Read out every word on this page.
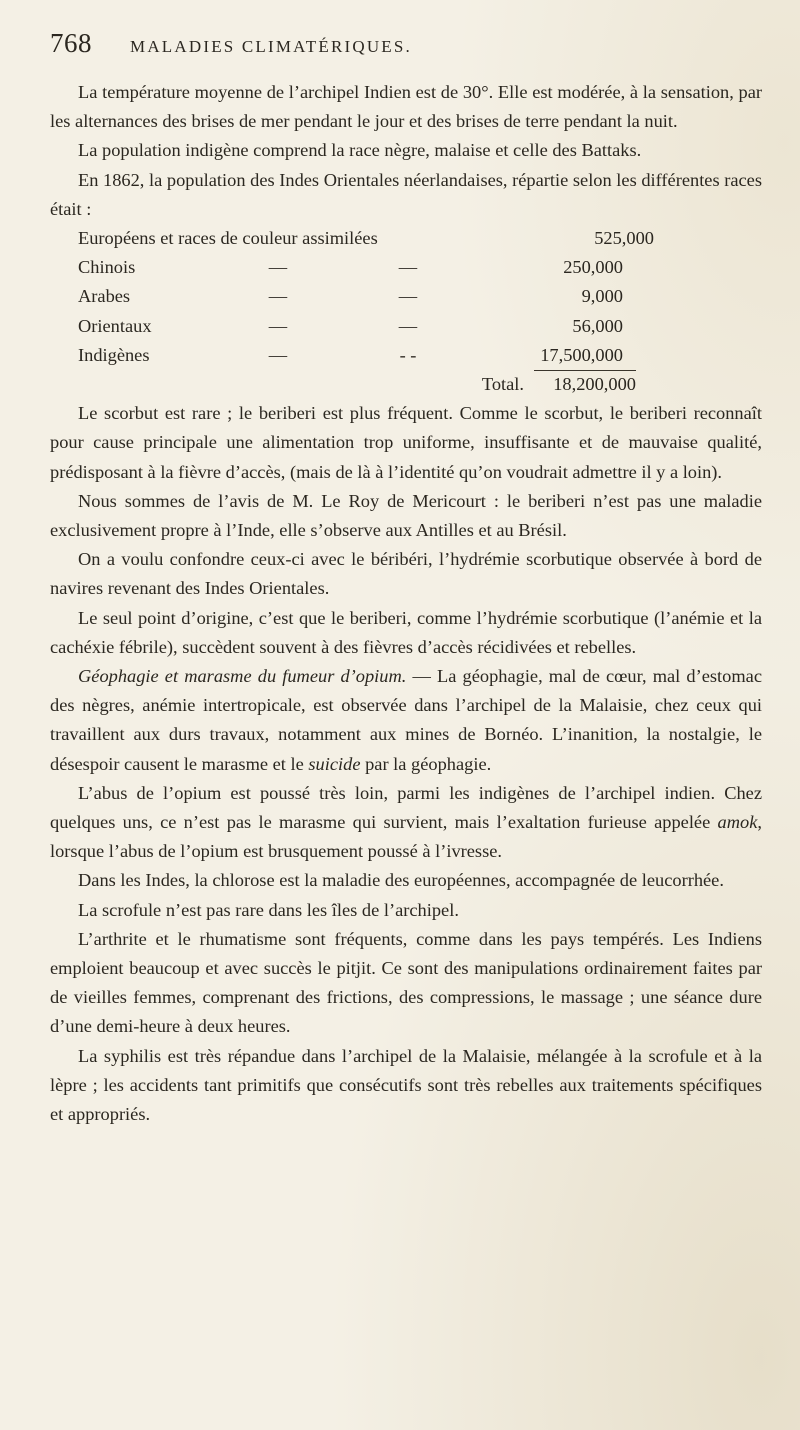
768	MALADIES CLIMATÉRIQUES.

La température moyenne de l’archipel Indien est de 30°. Elle est modérée, à la sensation, par les alternances des brises de mer pendant le jour et des brises de terre pendant la nuit.

La population indigène comprend la race nègre, malaise et celle des Battaks.

En 1862, la population des Indes Orientales néerlandaises, répartie selon les différentes races était :

Européens et races de couleur assimilées	525,000
Chinois	—	—	250,000
Arabes	—	—	9,000
Orientaux	—	—	56,000
Indigènes	—	- -	17,500,000
Total.	18,200,000

Le scorbut est rare ; le beriberi est plus fréquent. Comme le scorbut, le beriberi reconnaît pour cause principale une alimentation trop uniforme, insuffisante et de mauvaise qualité, prédisposant à la fièvre d’accès, (mais de là à l’identité qu’on voudrait admettre il y a loin).

Nous sommes de l’avis de M. Le Roy de Mericourt : le beriberi n’est pas une maladie exclusivement propre à l’Inde, elle s’observe aux Antilles et au Brésil.

On a voulu confondre ceux-ci avec le béribéri, l’hydrémie scorbutique observée à bord de navires revenant des Indes Orientales.

Le seul point d’origine, c’est que le beriberi, comme l’hydrémie scorbutique (l’anémie et la cachéxie fébrile), succèdent souvent à des fièvres d’accès récidivées et rebelles.

Géophagie et marasme du fumeur d’opium. — La géophagie, mal de cœur, mal d’estomac des nègres, anémie intertropicale, est observée dans l’archipel de la Malaisie, chez ceux qui travaillent aux durs travaux, notamment aux mines de Bornéo. L’inanition, la nostalgie, le désespoir causent le marasme et le suicide par la géophagie.

L’abus de l’opium est poussé très loin, parmi les indigènes de l’archipel indien. Chez quelques uns, ce n’est pas le marasme qui survient, mais l’exaltation furieuse appelée amok, lorsque l’abus de l’opium est brusquement poussé à l’ivresse.

Dans les Indes, la chlorose est la maladie des européennes, accompagnée de leucorrhée.

La scrofule n’est pas rare dans les îles de l’archipel.

L’arthrite et le rhumatisme sont fréquents, comme dans les pays tempérés. Les Indiens emploient beaucoup et avec succès le pitjit. Ce sont des manipulations ordinairement faites par de vieilles femmes, comprenant des frictions, des compressions, le massage ; une séance dure d’une demi-heure à deux heures.

La syphilis est très répandue dans l’archipel de la Malaisie, mélangée à la scrofule et à la lèpre ; les accidents tant primitifs que consécutifs sont très rebelles aux traitements spécifiques et appropriés.
